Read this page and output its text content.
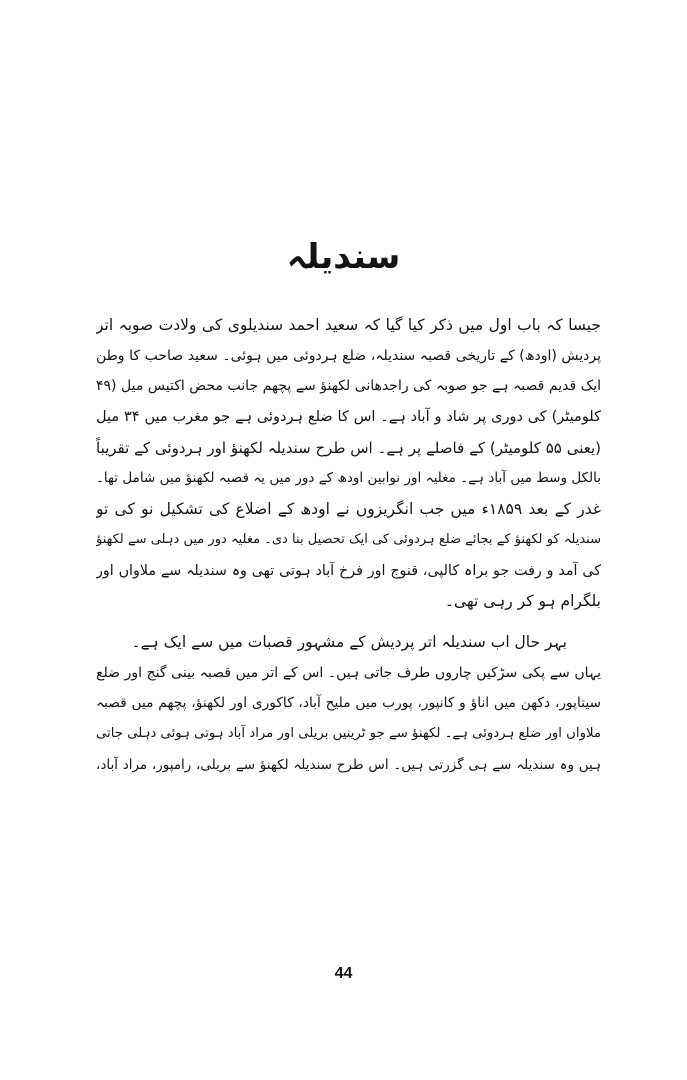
سندیلہ

جیسا کہ باب اول میں ذکر کیا گیا کہ سعید احمد سندیلوی کی ولادت صوبہ اتر
پردیش (اودھ) کے تاریخی قصبہ سندیلہ، ضلع ہردوئی میں ہوئی۔ سعید صاحب کا وطن
ایک قدیم قصبہ ہے جو صوبہ کی راجدھانی لکھنؤ سے پچھم جانب محض اکتیس میل (۴۹
کلومیٹر) کی دوری پر شاد و آباد ہے۔ اس کا ضلع ہردوئی ہے جو مغرب میں ۳۴ میل
(یعنی ۵۵ کلومیٹر) کے فاصلے پر ہے۔ اس طرح سندیلہ لکھنؤ اور ہردوئی کے تقریباً
بالکل وسط میں آباد ہے۔ مغلیہ اور نوابین اودھ کے دور میں یہ قصبہ لکھنؤ میں شامل تھا۔
غدر کے بعد ۱۸۵۹ء میں جب انگریزوں نے اودھ کے اضلاع کی تشکیل نو کی تو
سندیلہ کو لکھنؤ کے بجائے ضلع ہردوئی کی ایک تحصیل بنا دی۔ مغلیہ دور میں دہلی سے لکھنؤ
کی آمد و رفت جو براہ کالپی، قنوج اور فرخ آباد ہوتی تھی وہ سندیلہ سے ملاواں اور
بلگرام ہو کر رہی تھی۔

بہر حال اب سندیلہ اتر پردیش کے مشہور قصبات میں سے ایک ہے۔
یہاں سے پکی سڑکیں چاروں طرف جاتی ہیں۔ اس کے اتر میں قصبہ بینی گنج اور ضلع
سیتاپور، دکھن میں اناؤ و کانپور، پورب میں ملیح آباد، کاکوری اور لکھنؤ، پچھم میں قصبہ
ملاواں اور ضلع ہردوئی ہے۔ لکھنؤ سے جو ٹرینیں بریلی اور مراد آباد ہوتی ہوئی دہلی جاتی
ہیں وہ سندیلہ سے ہی گزرتی ہیں۔ اس طرح سندیلہ لکھنؤ سے بریلی، رامپور، مراد آباد،

44
